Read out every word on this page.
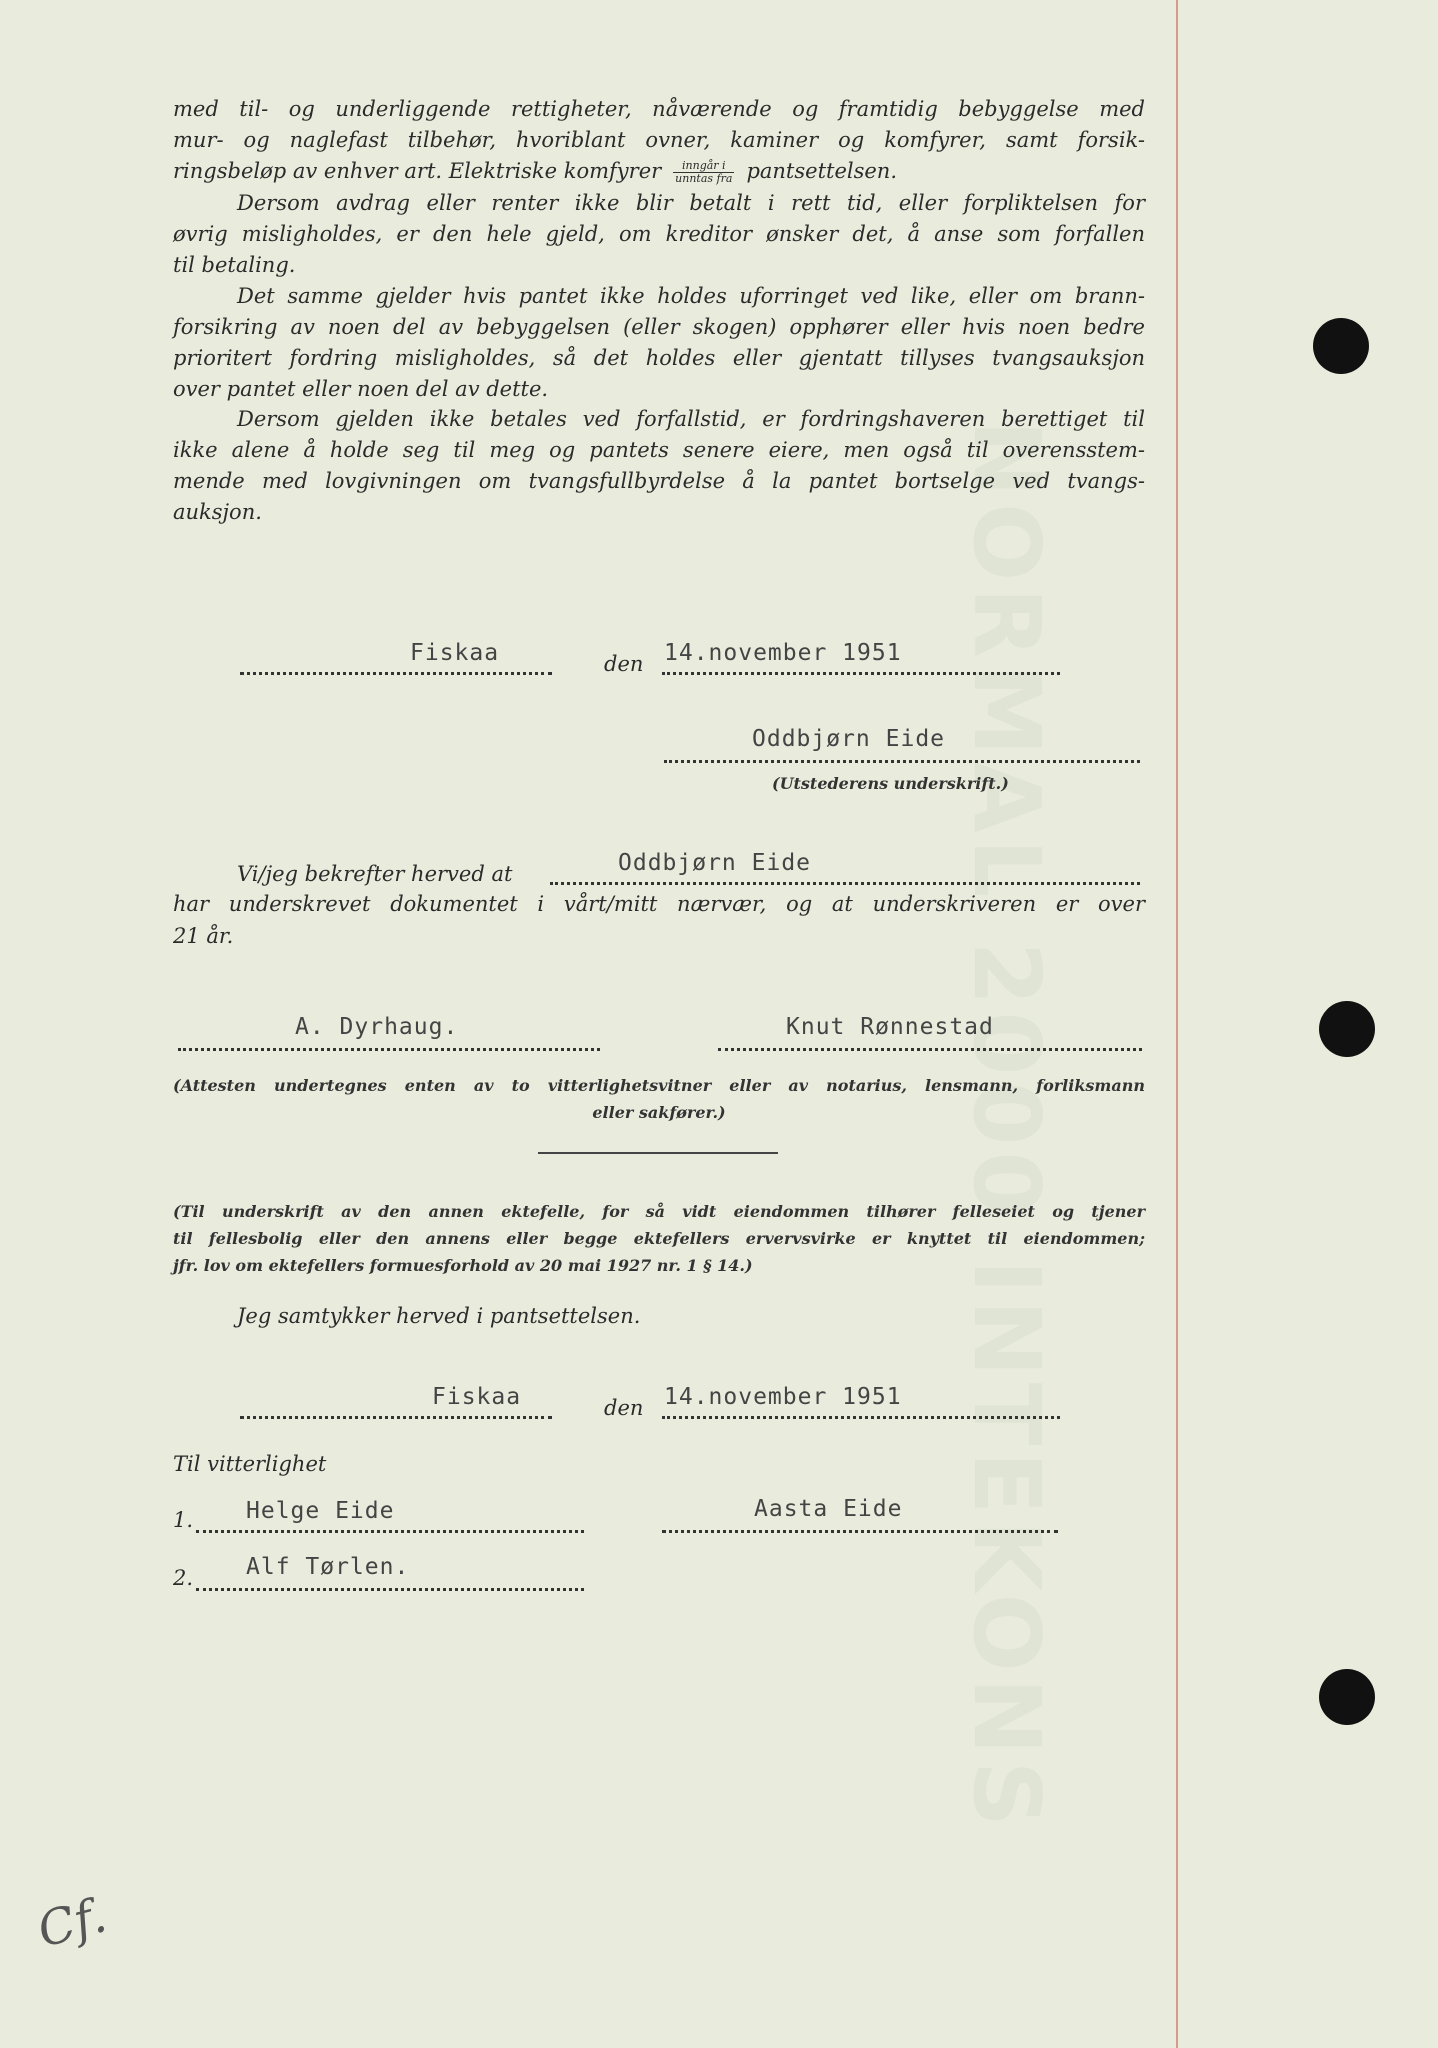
NORMAL 2000 INTEKONS
med til- og underliggende rettigheter, nåværende og framtidig bebyggelse med
mur- og naglefast tilbehør, hvoriblant ovner, kaminer og komfyrer, samt forsik-
ringsbeløp av enhver art. Elektriske komfyrer $\frac{\text{inngår i}}{\text{unntas fra}}$ pantsettelsen.
Dersom avdrag eller renter ikke blir betalt i rett tid, eller forpliktelsen for
øvrig misligholdes, er den hele gjeld, om kreditor ønsker det, å anse som forfallen
til betaling.
Det samme gjelder hvis pantet ikke holdes uforringet ved like, eller om brann-
forsikring av noen del av bebyggelsen (eller skogen) opphører eller hvis noen bedre
prioritert fordring misligholdes, så det holdes eller gjentatt tillyses tvangsauksjon
over pantet eller noen del av dette.
Dersom gjelden ikke betales ved forfallstid, er fordringshaveren berettiget til
ikke alene å holde seg til meg og pantets senere eiere, men også til overensstem-
mende med lovgivningen om tvangsfullbyrdelse å la pantet bortselge ved tvangs-
auksjon.
Fiskaa	den 14.november 1951
Oddbjørn Eide
(Utstederens underskrift.)
Vi/jeg bekrefter herved at	Oddbjørn Eide
har underskrevet dokumentet i vårt/mitt nærvær, og at underskriveren er over
21 år.
A. Dyrhaug.	Knut Rønnestad
(Attesten undertegnes enten av to vitterlighetsvitner eller av notarius, lensmann, forliksmann
eller sakfører.)
(Til underskrift av den annen ektefelle, for så vidt eiendommen tilhører felleseiet og tjener
til fellesbolig eller den annens eller begge ektefellers ervervsvirke er knyttet til eiendommen;
jfr. lov om ektefellers formuesforhold av 20 mai 1927 nr. 1 § 14.)
Jeg samtykker herved i pantsettelsen.
Fiskaa	den 14.november 1951
Til vitterlighet
1. Helge Eide	Aasta Eide
2. Alf Tørlen.
Cf.
